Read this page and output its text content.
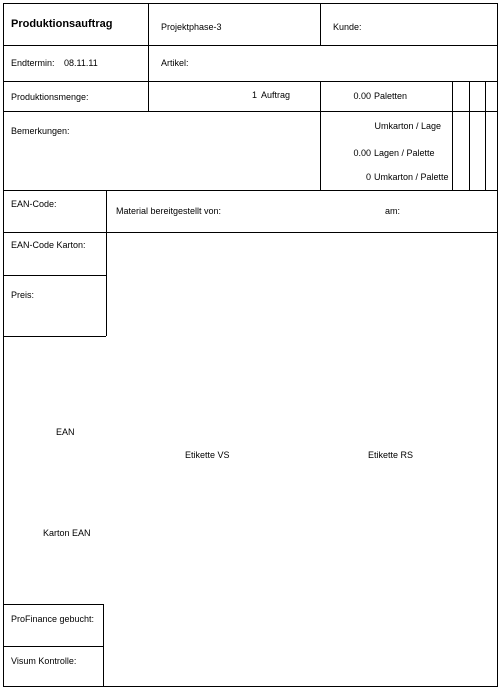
Produktionsauftrag	Projektphase-3	Kunde:
Endtermin: 08.11.11	Artikel:
Produktionsmenge:	1 Auftrag	0.00 Paletten
Bemerkungen:	Umkarton / Lage
0.00 Lagen / Palette
0 Umkarton / Palette
EAN-Code:
Material bereitgestellt von:	am:
EAN-Code Karton:
Preis:
EAN
Etikette VS	Etikette RS
Karton EAN
ProFinance gebucht:
Visum Kontrolle:
